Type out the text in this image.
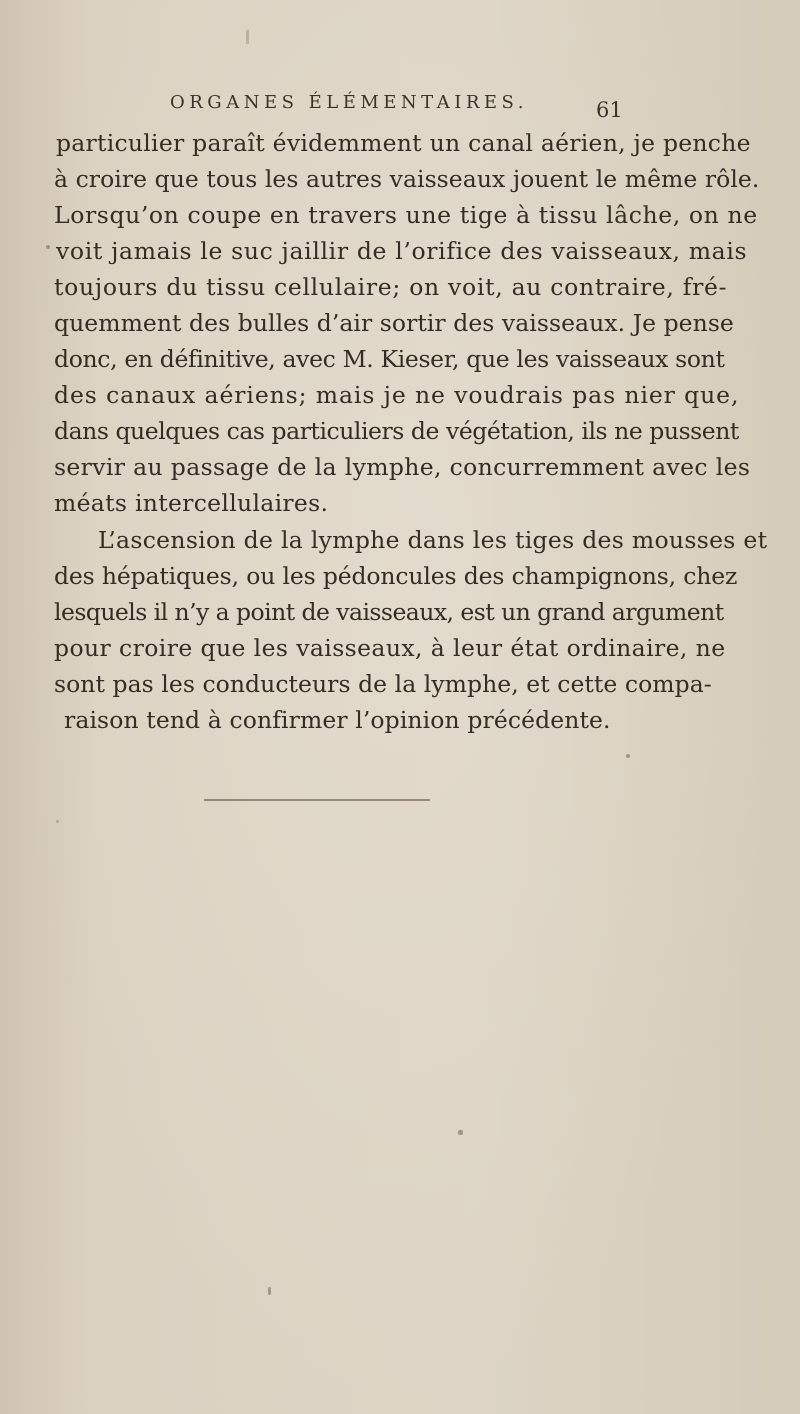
ORGANES ÉLÉMENTAIRES.	61
particulier paraît évidemment un canal aérien, je penche
à croire que tous les autres vaisseaux jouent le même rôle.
Lorsqu’on coupe en travers une tige à tissu lâche, on ne
voit jamais le suc jaillir de l’orifice des vaisseaux, mais
toujours du tissu cellulaire; on voit, au contraire, fré-
quemment des bulles d’air sortir des vaisseaux. Je pense
donc, en définitive, avec M. Kieser, que les vaisseaux sont
des canaux aériens; mais je ne voudrais pas nier que,
dans quelques cas particuliers de végétation, ils ne pussent
servir au passage de la lymphe, concurremment avec les
méats intercellulaires.
L’ascension de la lymphe dans les tiges des mousses et
des hépatiques, ou les pédoncules des champignons, chez
lesquels il n’y a point de vaisseaux, est un grand argument
pour croire que les vaisseaux, à leur état ordinaire, ne
sont pas les conducteurs de la lymphe, et cette compa-
raison tend à confirmer l’opinion précédente.
